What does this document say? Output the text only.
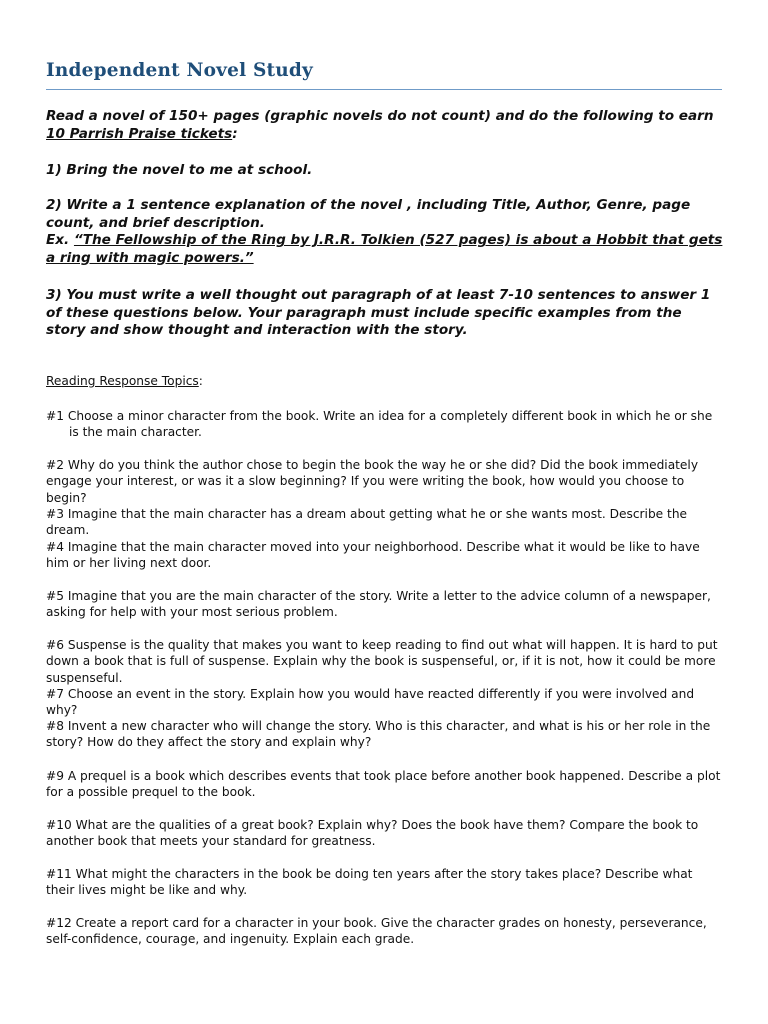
Independent Novel Study
Read a novel of 150+ pages (graphic novels do not count) and do the following to earn 10 Parrish Praise tickets:
1) Bring the novel to me at school.
2) Write a 1 sentence explanation of the novel , including Title, Author, Genre, page count, and brief description.
Ex. “The Fellowship of the Ring by J.R.R. Tolkien (527 pages) is about a Hobbit that gets a ring with magic powers.”
3) You must write a well thought out paragraph of at least 7-10 sentences to answer 1 of these questions below. Your paragraph must include specific examples from the story and show thought and interaction with the story.
Reading Response Topics:
#1 Choose a minor character from the book. Write an idea for a completely different book in which he or she is the main character.
#2 Why do you think the author chose to begin the book the way he or she did? Did the book immediately engage your interest, or was it a slow beginning? If you were writing the book, how would you choose to begin?
#3 Imagine that the main character has a dream about getting what he or she wants most. Describe the dream.
#4 Imagine that the main character moved into your neighborhood. Describe what it would be like to have him or her living next door.
#5 Imagine that you are the main character of the story. Write a letter to the advice column of a newspaper, asking for help with your most serious problem.
#6 Suspense is the quality that makes you want to keep reading to find out what will happen. It is hard to put down a book that is full of suspense. Explain why the book is suspenseful, or, if it is not, how it could be more suspenseful.
#7 Choose an event in the story. Explain how you would have reacted differently if you were involved and why?
#8 Invent a new character who will change the story. Who is this character, and what is his or her role in the story? How do they affect the story and explain why?
#9 A prequel is a book which describes events that took place before another book happened. Describe a plot for a possible prequel to the book.
#10 What are the qualities of a great book? Explain why? Does the book have them? Compare the book to another book that meets your standard for greatness.
#11 What might the characters in the book be doing ten years after the story takes place? Describe what their lives might be like and why.
#12 Create a report card for a character in your book. Give the character grades on honesty, perseverance, self-confidence, courage, and ingenuity. Explain each grade.
